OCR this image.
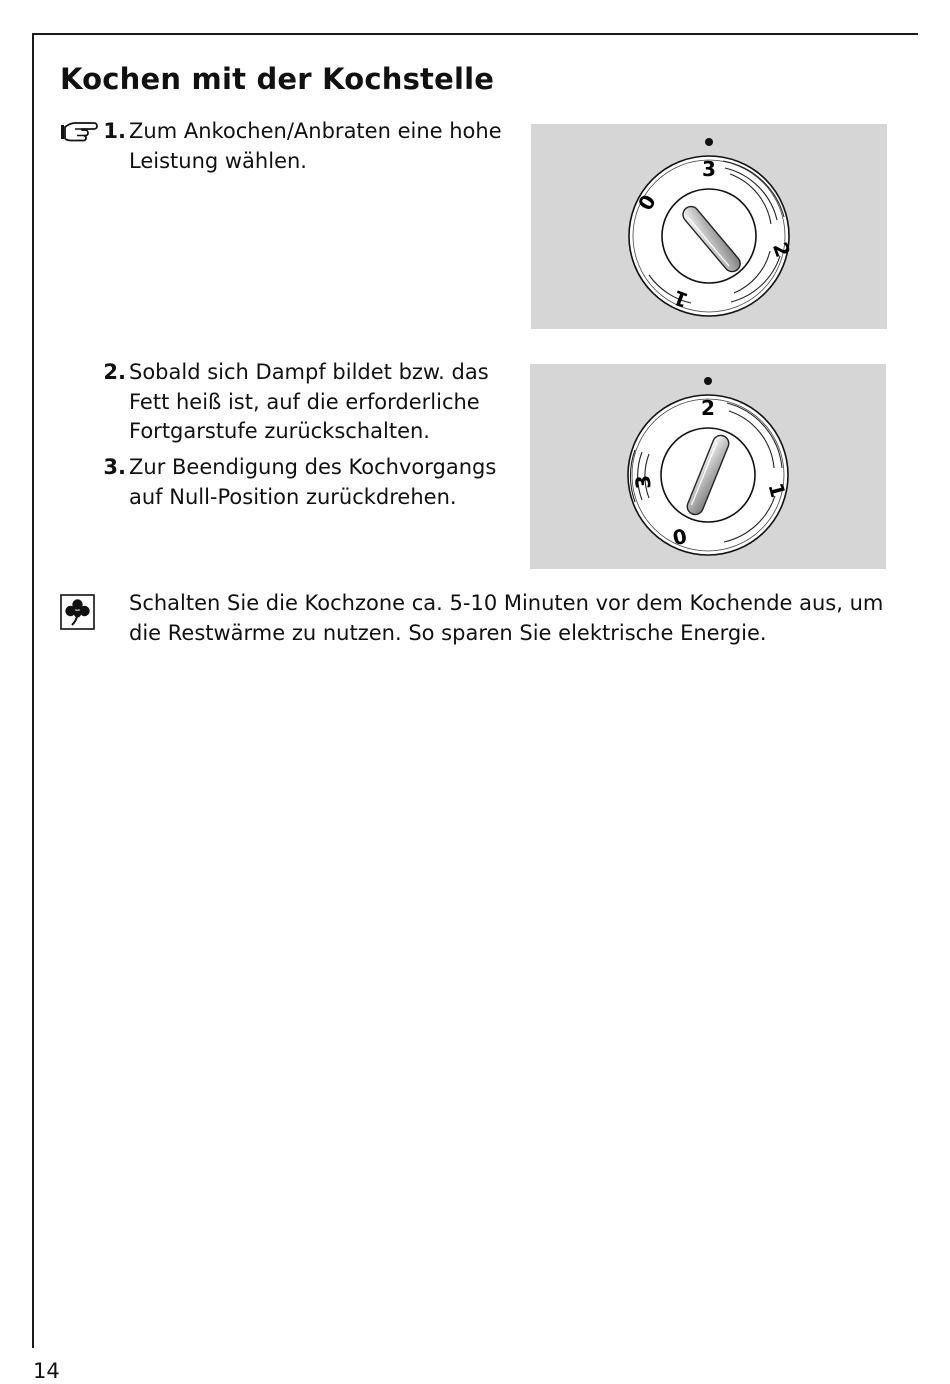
Kochen mit der Kochstelle
1. Zum Ankochen/Anbraten eine hohe
Leistung wählen.
2. Sobald sich Dampf bildet bzw. das
Fett heiß ist, auf die erforderliche
Fortgarstufe zurückschalten.
3. Zur Beendigung des Kochvorgangs
auf Null-Position zurückdrehen.
3
0
2
1
2
1
0
3
Schalten Sie die Kochzone ca. 5-10 Minuten vor dem Kochende aus, um
die Restwärme zu nutzen. So sparen Sie elektrische Energie.
14
